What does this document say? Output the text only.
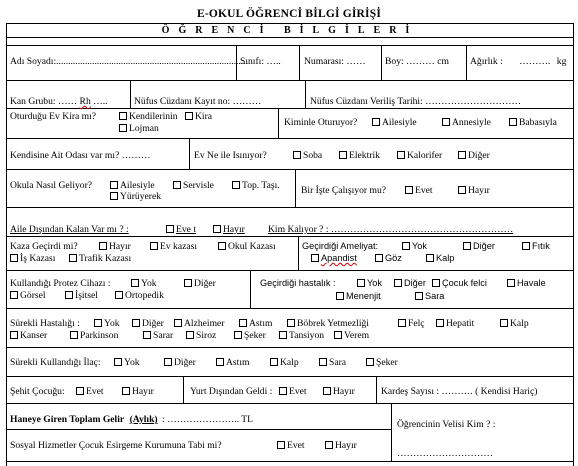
E-OKUL ÖĞRENCİ BİLGİ GİRİŞİ
ÖĞRENCİ BİLGİLERİ
Adı Soyadı:................................................................................
Sınıfı: ….. Numarası: …… Boy: ……… cm Ağırlık : ………. kg
Kan Grubu: …… Rh …..	Nüfus Cüzdanı Kayıt no: ………	Nüfus Cüzdanı Veriliş Tarihi: …………………………
Oturduğu Ev Kira mı?	Kendilerinin	Kira
Lojman
Kiminle Oturuyor?	Ailesiyle	Annesiyle	Babasıyla
Kendisine Ait Odası var mı? ………	Ev Ne ile Isınıyor?	Soba	Elektrik	Kalorifer	Diğer
Okula Nasıl Geliyor?	Ailesiyle	Servisle	Top. Taşı.
Yürüyerek
Bir İşte Çalışıyor mu?	Evet	Hayır
Aile Dışından Kalan Var mı ? :	Eve t	Hayır Kim Kalıyor ? : …………………………………………………
Kaza Geçirdi mi?	Hayır	Ev kazası	Okul Kazası
İş Kazası	Trafik Kazası
Geçirdiği Ameliyat:	Yok	Diğer	Fıtık
Apandist	Göz	Kalp
Kullandığı Protez Cihazı :	Yok	Diğer
Görsel	İşitsel	Ortopedik
Geçirdiği hastalık :	Yok	Diğer	Çocuk felci	Havale
Menenjit	Sara
Sürekli Hastalığı :	Yok	Diğer	Alzheimer	Astım	Böbrek Yetmezliği	Felç	Hepatit	Kalp
Kanser	Parkinson	Sarar	Siroz	Şeker	Tansiyon	Verem
Sürekli Kullandığı İlaç:	Yok	Diğer	Astım	Kalp	Sara	Şeker
Şehit Çocuğu:	Evet	Hayır	Yurt Dışından Geldi :	Evet	Hayır	Kardeş Sayısı : ………. ( Kendisi Hariç)
Haneye Giren Toplam Gelir (Aylık) : ………………….. TL	Öğrencinin Velisi Kim ? :
…………………………
Sosyal Hizmetler Çocuk Esirgeme Kurumuna Tabi mi?	Evet	Hayır
